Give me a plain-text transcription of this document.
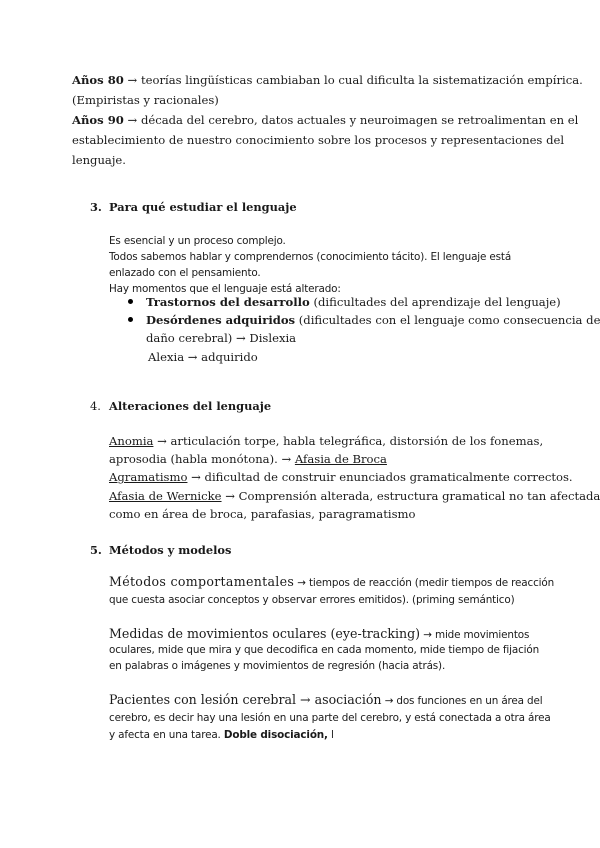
Años 80 → teorías lingüísticas cambiaban lo cual dificulta la sistematización empírica.
(Empiristas y racionales)
Años 90 → década del cerebro, datos actuales y neuroimagen se retroalimentan en el
establecimiento de nuestro conocimiento sobre los procesos y representaciones del
lenguaje.
3. Para qué estudiar el lenguaje
Es esencial y un proceso complejo.
Todos sabemos hablar y comprendernos (conocimiento tácito). El lenguaje está
enlazado con el pensamiento.
Hay momentos que el lenguaje está alterado:
Trastornos del desarrollo (dificultades del aprendizaje del lenguaje)
Desórdenes adquiridos (dificultades con el lenguaje como consecuencia de
daño cerebral) → Dislexia
Alexia → adquirido
4. Alteraciones del lenguaje
Anomia → articulación torpe, habla telegráfica, distorsión de los fonemas,
aprosodia (habla monótona). → Afasia de Broca
Agramatismo → dificultad de construir enunciados gramaticalmente correctos.
Afasia de Wernicke → Comprensión alterada, estructura gramatical no tan afectada
como en área de broca, parafasias, paragramatismo
5. Métodos y modelos
Métodos comportamentales → tiempos de reacción (medir tiempos de reacción
que cuesta asociar conceptos y observar errores emitidos). (priming semántico)
Medidas de movimientos oculares (eye-tracking) → mide movimientos
oculares, mide que mira y que decodifica en cada momento, mide tiempo de fijación
en palabras o imágenes y movimientos de regresión (hacia atrás).
Pacientes con lesión cerebral → asociación → dos funciones en un área del
cerebro, es decir hay una lesión en una parte del cerebro, y está conectada a otra área
y afecta en una tarea. Doble disociación, l
